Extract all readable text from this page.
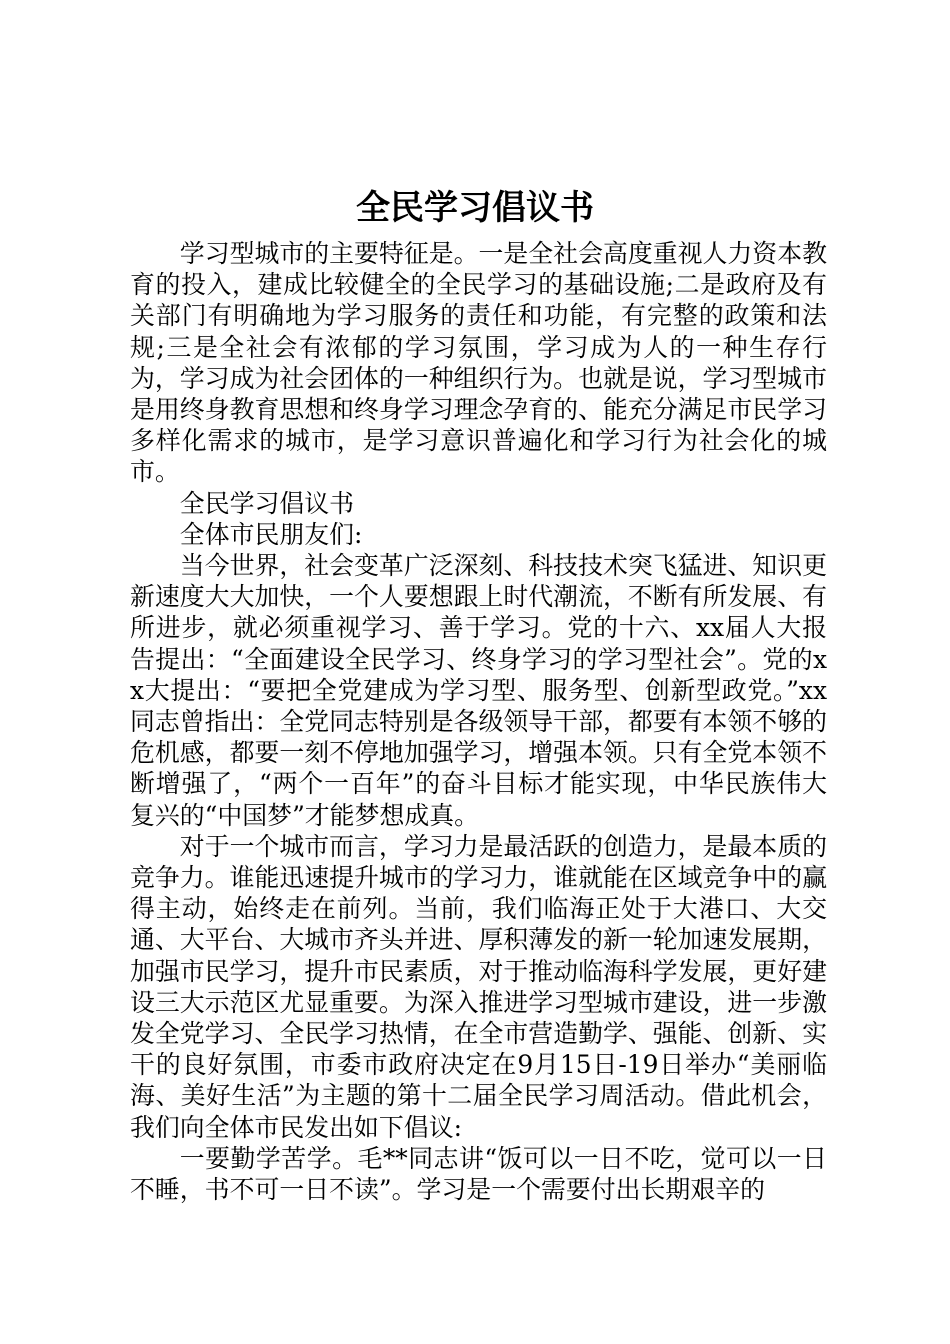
全民学习倡议书

学习型城市的主要特征是。一是全社会高度重视人力资本教育的投入，建成比较健全的全民学习的基础设施;二是政府及有关部门有明确地为学习服务的责任和功能，有完整的政策和法规;三是全社会有浓郁的学习氛围，学习成为人的一种生存行为，学习成为社会团体的一种组织行为。也就是说，学习型城市是用终身教育思想和终身学习理念孕育的、能充分满足市民学习多样化需求的城市，是学习意识普遍化和学习行为社会化的城市。

全民学习倡议书

全体市民朋友们:

当今世界，社会变革广泛深刻、科技技术突飞猛进、知识更新速度大大加快，一个人要想跟上时代潮流，不断有所发展、有所进步，就必须重视学习、善于学习。党的十六、xx届人大报告提出：“全面建设全民学习、终身学习的学习型社会”。党的xx大提出：“要把全党建成为学习型、服务型、创新型政党。”xx同志曾指出：全党同志特别是各级领导干部，都要有本领不够的危机感，都要一刻不停地加强学习，增强本领。只有全党本领不断增强了，“两个一百年”的奋斗目标才能实现，中华民族伟大复兴的“中国梦”才能梦想成真。

对于一个城市而言，学习力是最活跃的创造力，是最本质的竞争力。谁能迅速提升城市的学习力，谁就能在区域竞争中的赢得主动，始终走在前列。当前，我们临海正处于大港口、大交通、大平台、大城市齐头并进、厚积薄发的新一轮加速发展期，加强市民学习，提升市民素质，对于推动临海科学发展，更好建设三大示范区尤显重要。为深入推进学习型城市建设，进一步激发全党学习、全民学习热情，在全市营造勤学、强能、创新、实干的良好氛围，市委市政府决定在9月15日-19日举办“美丽临海、美好生活”为主题的第十二届全民学习周活动。借此机会，我们向全体市民发出如下倡议:

一要勤学苦学。毛**同志讲“饭可以一日不吃，觉可以一日不睡，书不可一日不读”。学习是一个需要付出长期艰辛的
